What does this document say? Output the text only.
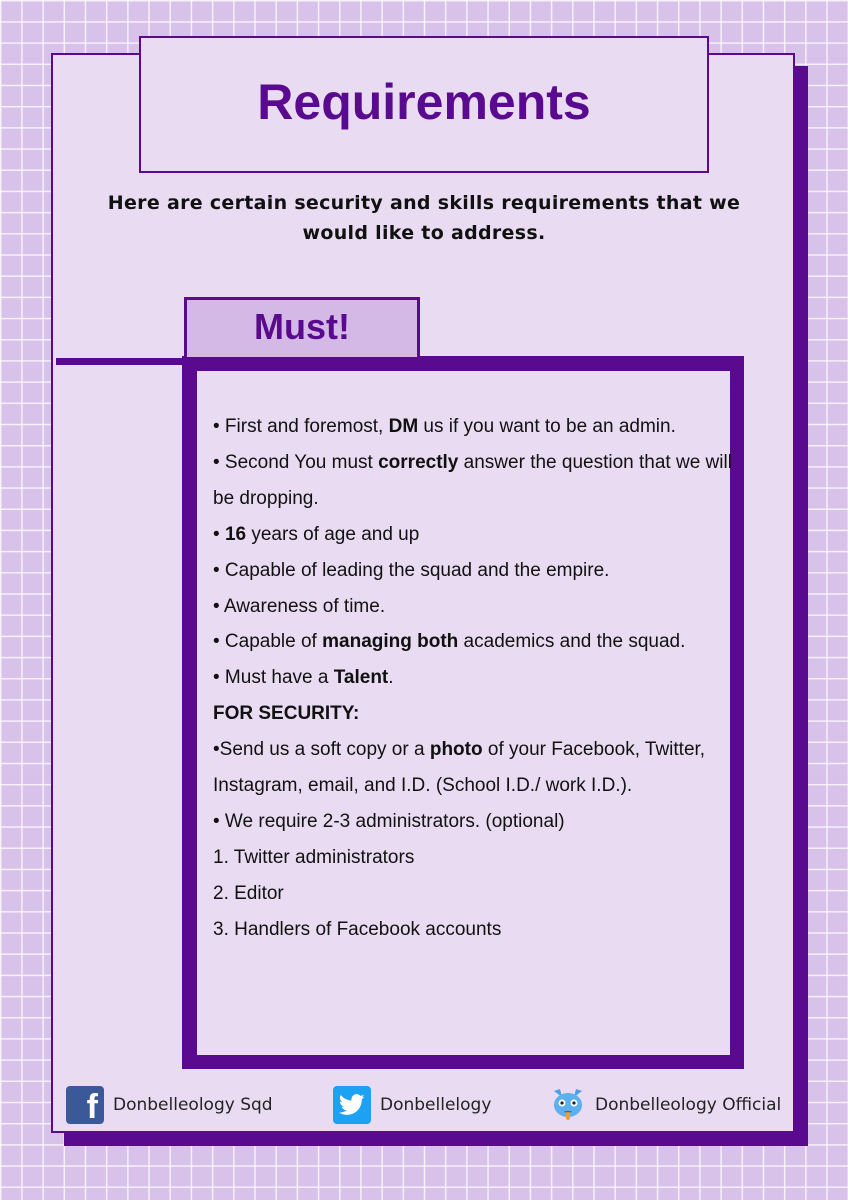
Requirements

Here are certain security and skills requirements that we would like to address.

Must!
• First and foremost, DM us if you want to be an admin.
• Second You must correctly answer the question that we will be dropping.
• 16 years of age and up
• Capable of leading the squad and the empire.
• Awareness of time.
• Capable of managing both academics and the squad.
• Must have a Talent.
FOR SECURITY:
•Send us a soft copy or a photo of your Facebook, Twitter, Instagram, email, and I.D. (School I.D./ work I.D.).
• We require 2-3 administrators. (optional)
1. Twitter administrators
2. Editor
3. Handlers of Facebook accounts
f Donbelleology Sqd	Donbellelogy	Donbelleology Official
